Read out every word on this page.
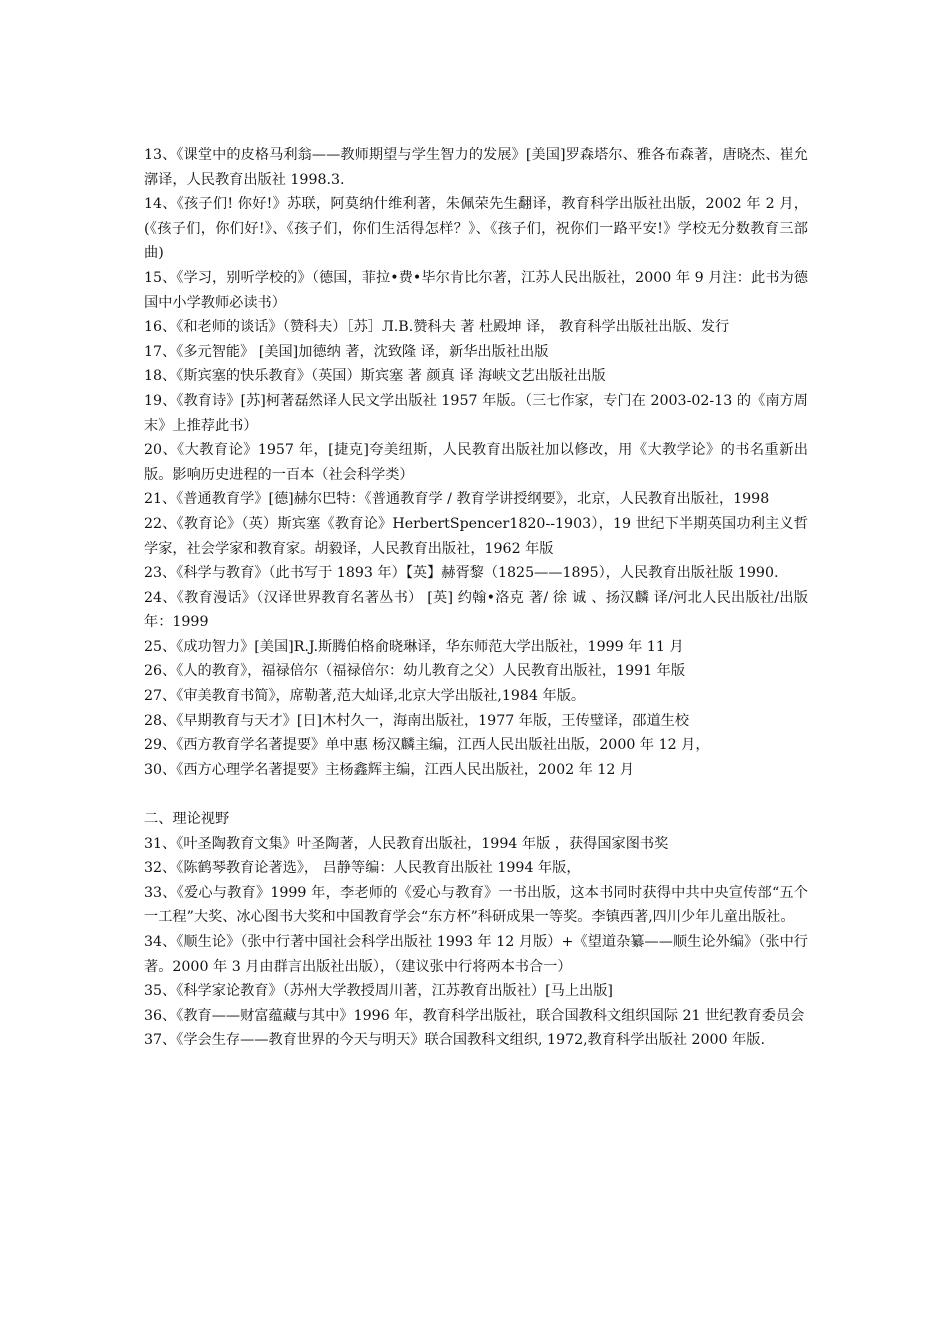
13、《课堂中的皮格马利翁——教师期望与学生智力的发展》[美国]罗森塔尔、雅各布森著，唐晓杰、崔允漷译，人民教育出版社 1998.3.

14、《孩子们! 你好!》苏联，阿莫纳什维利著，朱佩荣先生翻译，教育科学出版社出版，2002 年 2 月，(《孩子们，你们好!》、《孩子们，你们生活得怎样？》、《孩子们，祝你们一路平安!》学校无分数教育三部曲)

15、《学习，别听学校的》（德国，菲拉•费•毕尔肯比尔著，江苏人民出版社，2000 年 9 月注：此书为德国中小学教师必读书）

16、《和老师的谈话》（赞科夫）［苏］Л.В.赞科夫 著 杜殿坤 译， 教育科学出版社出版、发行

17、《多元智能》 [美国]加德纳 著，沈致隆 译，新华出版社出版

18、《斯宾塞的快乐教育》（英国）斯宾塞 著 颜真 译 海峡文艺出版社出版

19、《教育诗》[苏]柯著磊然译人民文学出版社 1957 年版。（三七作家，专门在 2003-02-13 的《南方周末》上推荐此书）

20、《大教育论》1957 年，[捷克]夸美纽斯，人民教育出版社加以修改，用《大教学论》的书名重新出版。影响历史进程的一百本（社会科学类）

21、《普通教育学》[德]赫尔巴特：《普通教育学 / 教育学讲授纲要》，北京，人民教育出版社，1998

22、《教育论》（英）斯宾塞《教育论》HerbertSpencer1820--1903），19 世纪下半期英国功利主义哲学家，社会学家和教育家。胡毅译，人民教育出版社，1962 年版

23、《科学与教育》（此书写于 1893 年）【英】赫胥黎（1825——1895），人民教育出版社版 1990.

24、《教育漫话》（汉译世界教育名著丛书） [英] 约翰•洛克 著/ 徐 诚 、扬汉麟 译/河北人民出版社/出版年：1999

25、《成功智力》[美国]R.J.斯腾伯格俞晓琳译，华东师范大学出版社，1999 年 11 月

26、《人的教育》，福禄倍尔（福禄倍尔：幼儿教育之父）人民教育出版社，1991 年版

27、《审美教育书简》，席勒著,范大灿译,北京大学出版社,1984 年版。

28、《早期教育与天才》[日]木村久一，海南出版社，1977 年版，王传璧译，邵道生校

29、《西方教育学名著提要》单中惠 杨汉麟主编，江西人民出版社出版，2000 年 12 月，

30、《西方心理学名著提要》主杨鑫辉主编，江西人民出版社，2002 年 12 月

二、理论视野

31、《叶圣陶教育文集》叶圣陶著，人民教育出版社，1994 年版 ，获得国家图书奖

32、《陈鹤琴教育论著选》， 吕静等编：人民教育出版社 1994 年版，

33、《爱心与教育》1999 年，李老师的《爱心与教育》一书出版，这本书同时获得中共中央宣传部“五个一工程”大奖、冰心图书大奖和中国教育学会“东方杯”科研成果一等奖。李镇西著,四川少年儿童出版社。

34、《顺生论》（张中行著中国社会科学出版社 1993 年 12 月版）+《望道杂纂——顺生论外编》（张中行著。2000 年 3 月由群言出版社出版），（建议张中行将两本书合一）

35、《科学家论教育》（苏州大学教授周川著，江苏教育出版社）[马上出版]

36、《教育——财富蕴藏与其中》1996 年，教育科学出版社，联合国教科文组织国际 21 世纪教育委员会

37、《学会生存——教育世界的今天与明天》联合国教科文组织, 1972,教育科学出版社 2000 年版.
